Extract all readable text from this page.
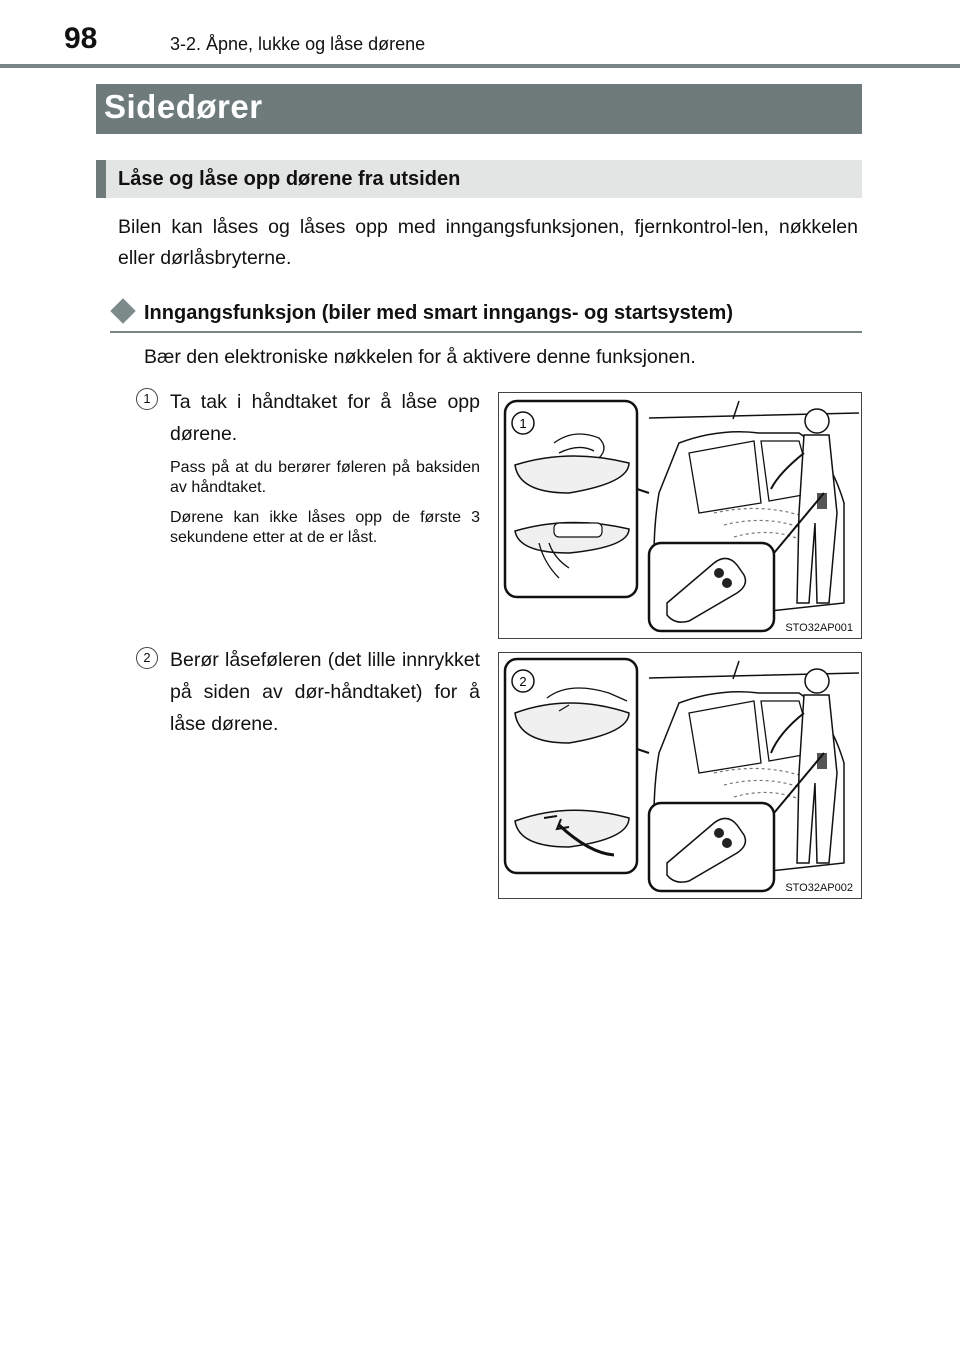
98	3-2. Åpne, lukke og låse dørene
Sidedører
Låse og låse opp dørene fra utsiden
Bilen kan låses og låses opp med inngangsfunksjonen, fjernkontrol-len, nøkkelen eller dørlåsbryterne.
Inngangsfunksjon (biler med smart inngangs- og startsystem)
Bær den elektroniske nøkkelen for å aktivere denne funksjonen.
1 Ta tak i håndtaket for å låse opp dørene.
Pass på at du berører føleren på baksiden av håndtaket.
Dørene kan ikke låses opp de første 3 sekundene etter at de er låst.
1
STO32AP001
2 Berør låseføleren (det lille innrykket på siden av dør-håndtaket) for å låse dørene.
2
STO32AP002
